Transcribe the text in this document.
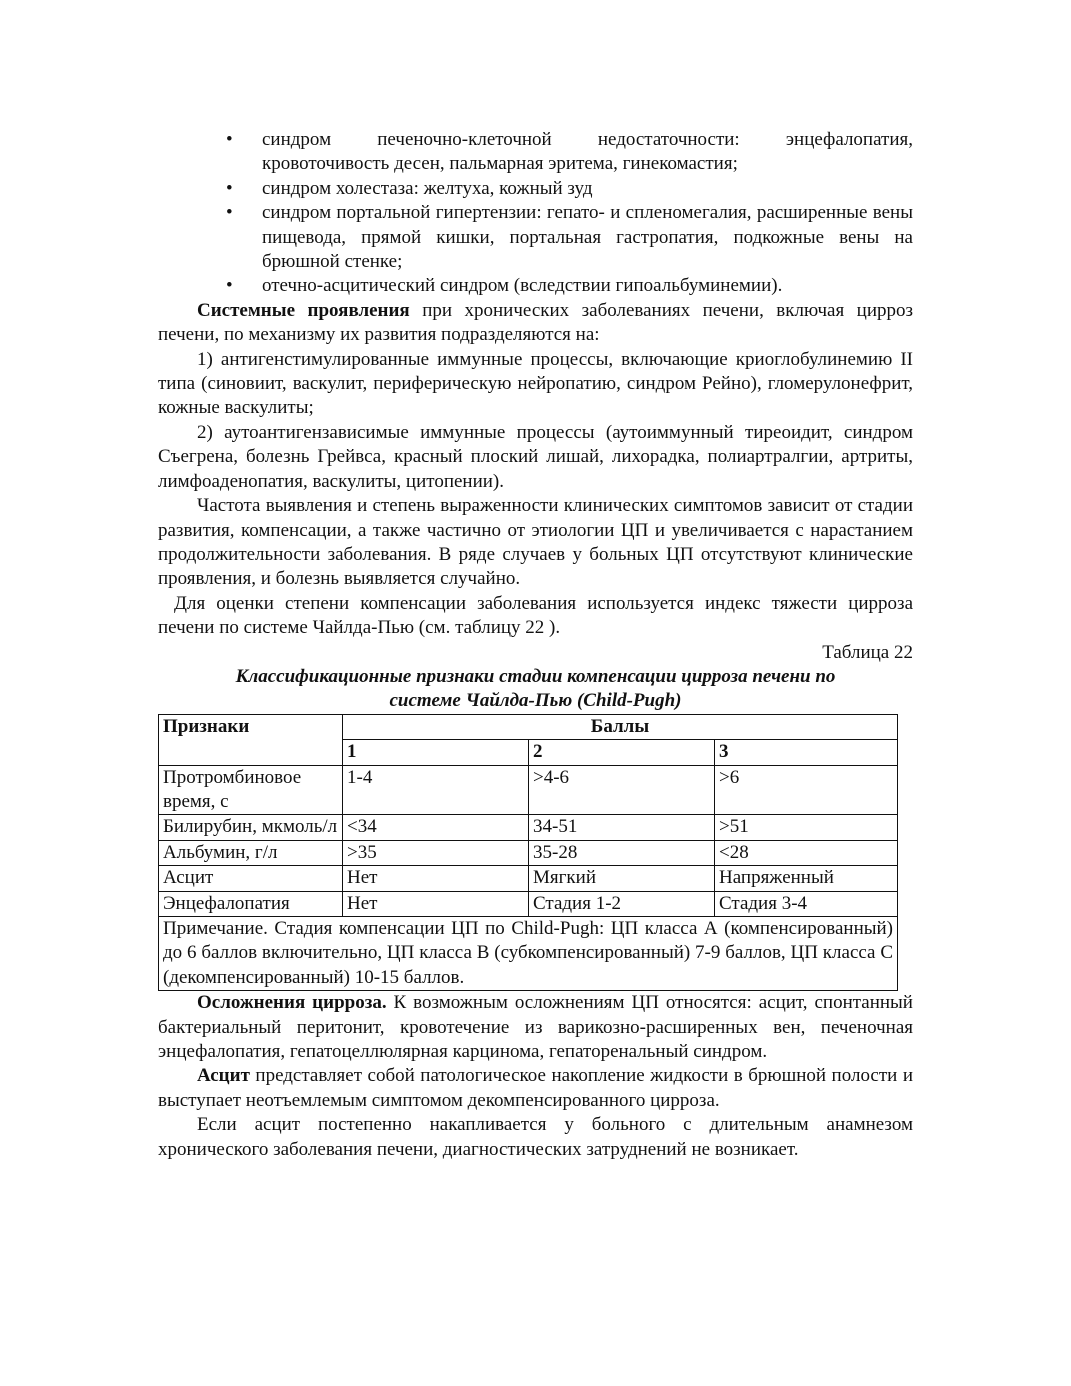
• синдром печеночно-клеточной недостаточности: энцефалопатия, кровоточивость десен, пальмарная эритема, гинекомастия;
• синдром холестаза: желтуха, кожный зуд
• синдром портальной гипертензии: гепато- и спленомегалия, расширенные вены пищевода, прямой кишки, портальная гастропатия, подкожные вены на брюшной стенке;
• отечно-асцитический синдром (вследствии гипоальбуминемии).

Системные проявления при хронических заболеваниях печени, включая цирроз печени, по механизму их развития подразделяются на:

1) антигенстимулированные иммунные процессы, включающие криоглобулинемию II типа (синовиит, васкулит, периферическую нейропатию, синдром Рейно), гломерулонефрит, кожные васкулиты;

2) аутоантигензависимые иммунные процессы (аутоиммунный тиреоидит, синдром Съегрена, болезнь Грейвса, красный плоский лишай, лихорадка, полиартралгии, артриты, лимфоаденопатия, васкулиты, цитопении).

Частота выявления и степень выраженности клинических симптомов зависит от стадии развития, компенсации, а также частично от этиологии ЦП и увеличивается с нарастанием продолжительности заболевания. В ряде случаев у больных ЦП отсутствуют клинические проявления, и болезнь выявляется случайно.

Для оценки степени компенсации заболевания используется индекс тяжести цирроза печени по системе Чайлда-Пью (см. таблицу 22 ).

Таблица 22

Классификационные признаки стадии компенсации цирроза печени по системе Чайлда-Пью (Child-Pugh)

Признаки	Баллы		
	1	2	3
Протромбиновое время, с	1-4	>4-6	>6
Билирубин, мкмоль/л	<34	34-51	>51
Альбумин, г/л	>35	35-28	<28
Асцит	Нет	Мягкий	Напряженный
Энцефалопатия	Нет	Стадия 1-2	Стадия 3-4
Примечание. Стадия компенсации ЦП по Child-Pugh: ЦП класса А (компенсированный) до 6 баллов включительно, ЦП класса В (субкомпенсированный) 7-9 баллов, ЦП класса С (декомпенсированный) 10-15 баллов.			

Осложнения цирроза. К возможным осложнениям ЦП относятся: асцит, спонтанный бактериальный перитонит, кровотечение из варикозно-расширенных вен, печеночная энцефалопатия, гепатоцеллюлярная карцинома, гепаторенальный синдром.

Асцит представляет собой патологическое накопление жидкости в брюшной полости и выступает неотъемлемым симптомом декомпенсированного цирроза.

Если асцит постепенно накапливается у больного с длительным анамнезом хронического заболевания печени, диагностических затруднений не возникает.
